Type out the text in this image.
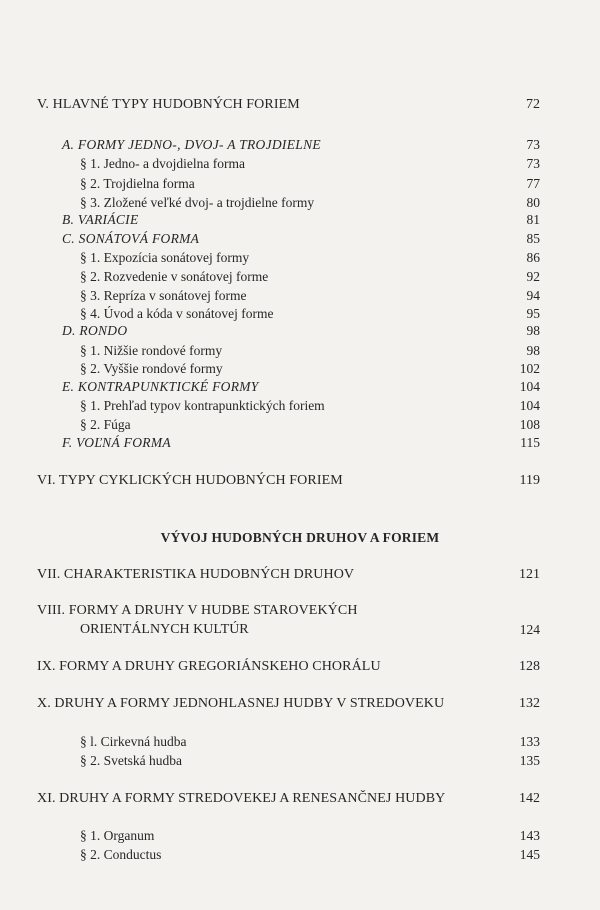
V. HLAVNÉ TYPY HUDOBNÝCH FORIEM	72
A. FORMY JEDNO-, DVOJ- A TROJDIELNE	73
§ 1. Jedno- a dvojdielna forma	73
§ 2. Trojdielna forma	77
§ 3. Zložené veľké dvoj- a trojdielne formy	80
B. VARIÁCIE	81
C. SONÁTOVÁ FORMA	85
§ 1. Expozícia sonátovej formy	86
§ 2. Rozvedenie v sonátovej forme	92
§ 3. Repríza v sonátovej forme	94
§ 4. Úvod a kóda v sonátovej forme	95
D. RONDO	98
§ 1. Nižšie rondové formy	98
§ 2. Vyššie rondové formy	102
E. KONTRAPUNKTICKÉ FORMY	104
§ 1. Prehľad typov kontrapunktických foriem	104
§ 2. Fúga	108
F. VOĽNÁ FORMA	115
VI. TYPY CYKLICKÝCH HUDOBNÝCH FORIEM	119
VÝVOJ HUDOBNÝCH DRUHOV A FORIEM
VII. CHARAKTERISTIKA HUDOBNÝCH DRUHOV	121
VIII. FORMY A DRUHY V HUDBE STAROVEKÝCH
ORIENTÁLNYCH KULTÚR	124
IX. FORMY A DRUHY GREGORIÁNSKEHO CHORÁLU	128
X. DRUHY A FORMY JEDNOHLASNEJ HUDBY V STREDOVEKU	132
§ l. Cirkevná hudba	133
§ 2. Svetská hudba	135
XI. DRUHY A FORMY STREDOVEKEJ A RENESANČNEJ HUDBY	142
§ 1. Organum	143
§ 2. Conductus	145
